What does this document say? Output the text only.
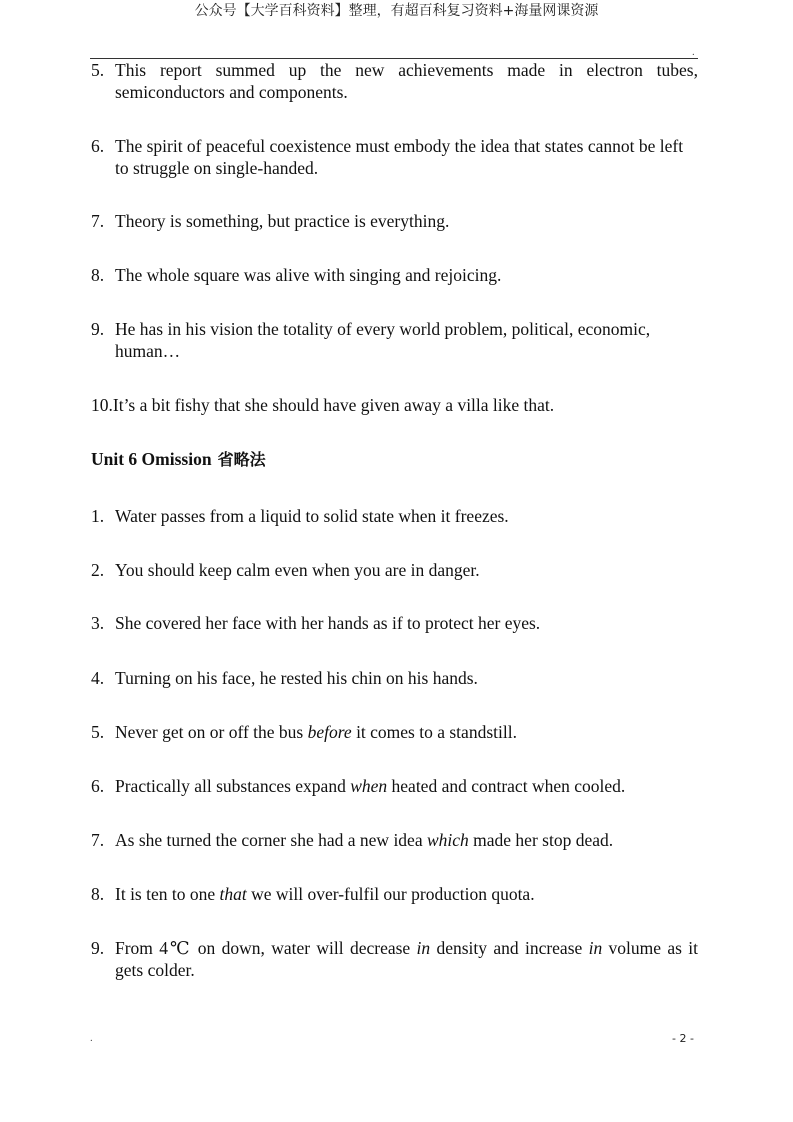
公众号【大学百科资料】整理，有超百科复习资料+海量网课资源
.
5. This report summed up the new achievements made in electron tubes, semiconductors and components.
6. The spirit of peaceful coexistence must embody the idea that states cannot be left to struggle on single-handed.
7. Theory is something, but practice is everything.
8. The whole square was alive with singing and rejoicing.
9. He has in his vision the totality of every world problem, political, economic, human…
10.It’s a bit fishy that she should have given away a villa like that.
Unit 6 Omission 省略法
1. Water passes from a liquid to solid state when it freezes.
2. You should keep calm even when you are in danger.
3. She covered her face with her hands as if to protect her eyes.
4. Turning on his face, he rested his chin on his hands.
5. Never get on or off the bus before it comes to a standstill.
6. Practically all substances expand when heated and contract when cooled.
7. As she turned the corner she had a new idea which made her stop dead.
8. It is ten to one that we will over-fulfil our production quota.
9. From 4℃ on down, water will decrease in density and increase in volume as it gets colder.
.	- 2 -
